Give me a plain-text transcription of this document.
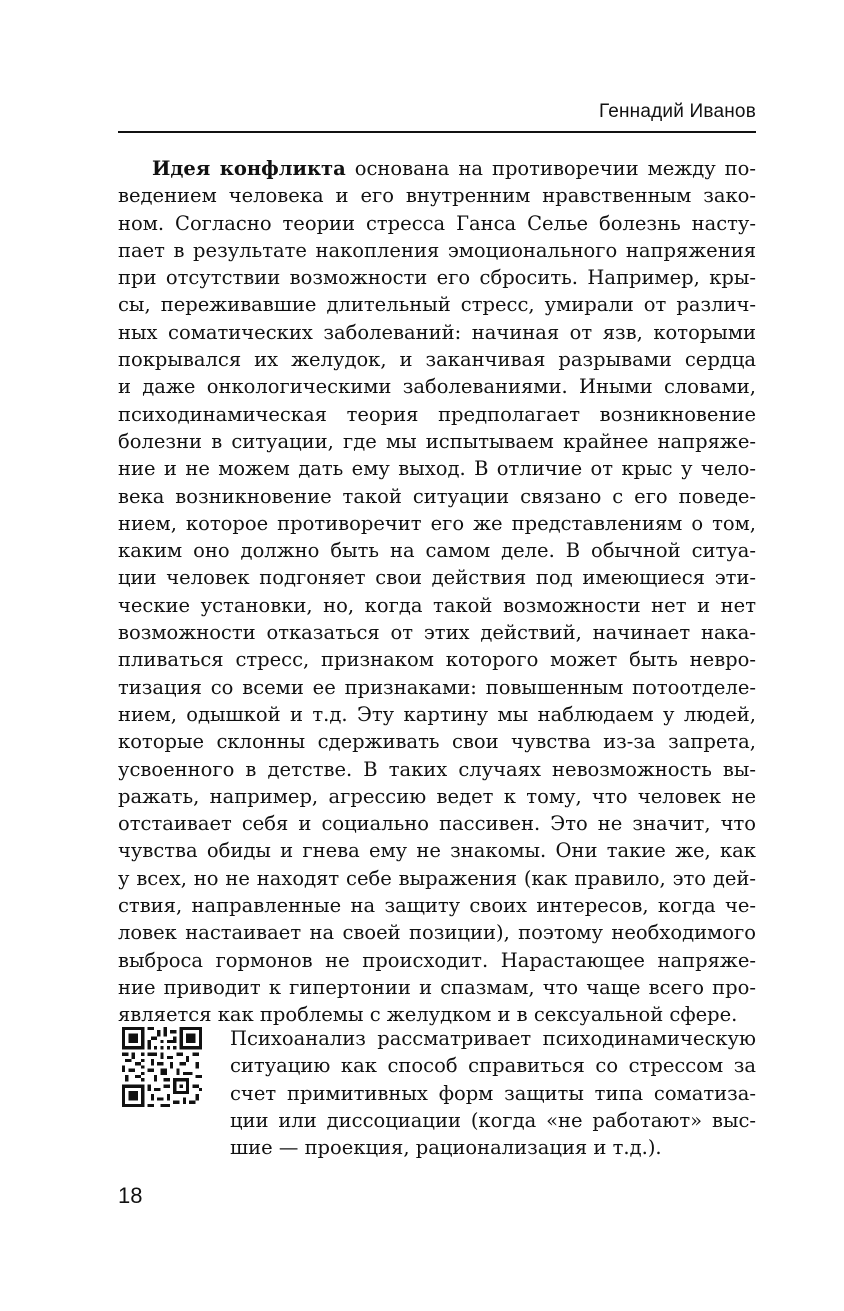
Геннадий Иванов
Идея конфликта основана на противоречии между по-
ведением человека и его внутренним нравственным зако-
ном. Согласно теории стресса Ганса Селье болезнь насту-
пает в результате накопления эмоционального напряжения
при отсутствии возможности его сбросить. Например, кры-
сы, переживавшие длительный стресс, умирали от различ-
ных соматических заболеваний: начиная от язв, которыми
покрывался их желудок, и заканчивая разрывами сердца
и даже онкологическими заболеваниями. Иными словами,
психодинамическая теория предполагает возникновение
болезни в ситуации, где мы испытываем крайнее напряже-
ние и не можем дать ему выход. В отличие от крыс у чело-
века возникновение такой ситуации связано с его поведе-
нием, которое противоречит его же представлениям о том,
каким оно должно быть на самом деле. В обычной ситуа-
ции человек подгоняет свои действия под имеющиеся эти-
ческие установки, но, когда такой возможности нет и нет
возможности отказаться от этих действий, начинает нака-
пливаться стресс, признаком которого может быть невро-
тизация со всеми ее признаками: повышенным потоотделе-
нием, одышкой и т.д. Эту картину мы наблюдаем у людей,
которые склонны сдерживать свои чувства из-за запрета,
усвоенного в детстве. В таких случаях невозможность вы-
ражать, например, агрессию ведет к тому, что человек не
отстаивает себя и социально пассивен. Это не значит, что
чувства обиды и гнева ему не знакомы. Они такие же, как
у всех, но не находят себе выражения (как правило, это дей-
ствия, направленные на защиту своих интересов, когда че-
ловек настаивает на своей позиции), поэтому необходимого
выброса гормонов не происходит. Нарастающее напряже-
ние приводит к гипертонии и спазмам, что чаще всего про-
является как проблемы с желудком и в сексуальной сфере.
Психоанализ рассматривает психодинамическую
ситуацию как способ справиться со стрессом за
счет примитивных форм защиты типа соматиза-
ции или диссоциации (когда «не работают» выс-
шие — проекция, рационализация и т.д.).
18
